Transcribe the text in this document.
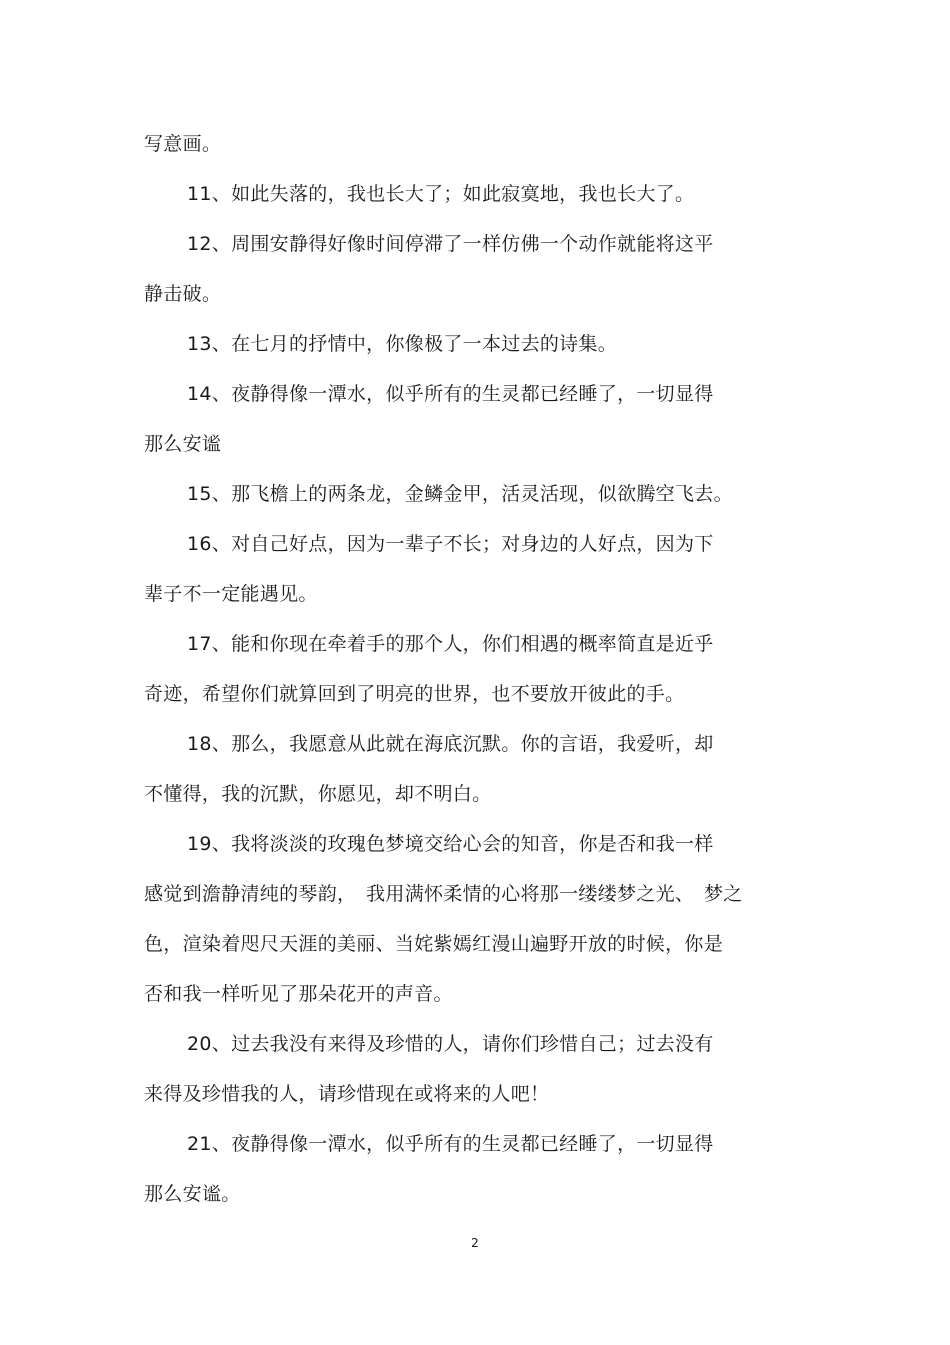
写意画。
11、如此失落的，我也长大了；如此寂寞地，我也长大了。
12、周围安静得好像时间停滞了一样仿佛一个动作就能将这平
静击破。
13、在七月的抒情中，你像极了一本过去的诗集。
14、夜静得像一潭水，似乎所有的生灵都已经睡了，一切显得
那么安谧
15、那飞檐上的两条龙，金鳞金甲，活灵活现，似欲腾空飞去。
16、对自己好点，因为一辈子不长；对身边的人好点，因为下
辈子不一定能遇见。
17、能和你现在牵着手的那个人，你们相遇的概率简直是近乎
奇迹，希望你们就算回到了明亮的世界，也不要放开彼此的手。
18、那么，我愿意从此就在海底沉默。你的言语，我爱听，却
不懂得，我的沉默，你愿见，却不明白。
19、我将淡淡的玫瑰色梦境交给心会的知音，你是否和我一样
感觉到澹静清纯的琴韵，　我用满怀柔情的心将那一缕缕梦之光、　梦之
色，渲染着咫尺天涯的美丽、当姹紫嫣红漫山遍野开放的时候，你是
否和我一样听见了那朵花开的声音。
20、过去我没有来得及珍惜的人，请你们珍惜自己；过去没有
来得及珍惜我的人，请珍惜现在或将来的人吧！
21、夜静得像一潭水，似乎所有的生灵都已经睡了，一切显得
那么安谧。
2
